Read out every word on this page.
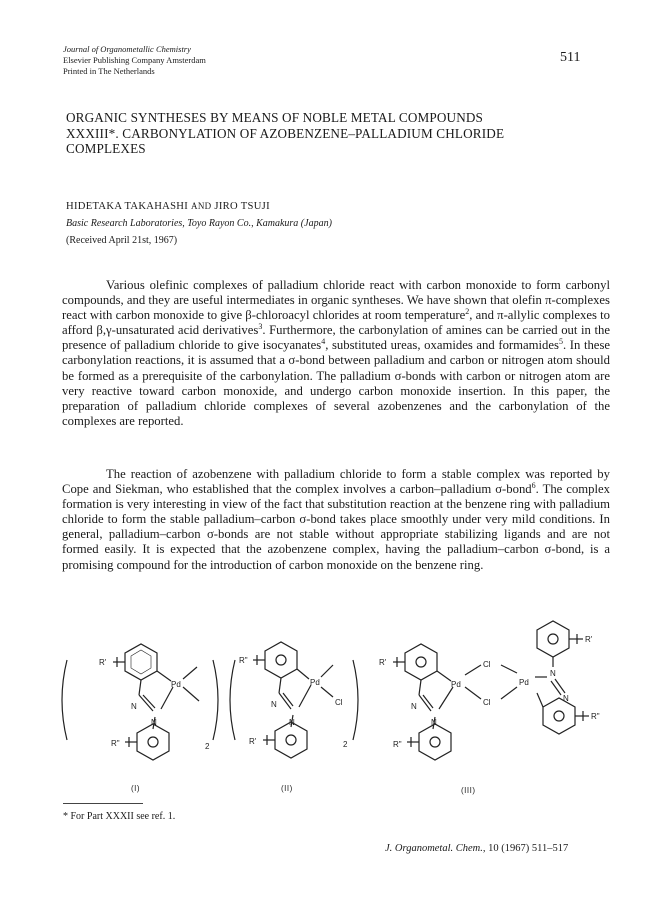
Journal of Organometallic Chemistry
Elsevier Publishing Company Amsterdam
Printed in The Netherlands
511
ORGANIC SYNTHESES BY MEANS OF NOBLE METAL COMPOUNDS
XXXIII*. CARBONYLATION OF AZOBENZENE–PALLADIUM CHLORIDE
COMPLEXES
HIDETAKA TAKAHASHI AND JIRO TSUJI
Basic Research Laboratories, Toyo Rayon Co., Kamakura (Japan)
(Received April 21st, 1967)

Various olefinic complexes of palladium chloride react with carbon monoxide to form carbonyl compounds, and they are useful intermediates in organic syntheses. We have shown that olefin π-complexes react with carbon monoxide to give β-chloroacyl chlorides at room temperature$^2$, and π-allylic complexes to afford β,γ-unsaturated acid derivatives$^3$. Furthermore, the carbonylation of amines can be carried out in the presence of palladium chloride to give isocyanates$^4$, substituted ureas, oxamides and formamides$^5$. In these carbonylation reactions, it is assumed that a σ-bond between palladium and carbon or nitrogen atom should be formed as a prerequisite of the carbonylation. The palladium σ-bonds with carbon or nitrogen atom are very reactive toward carbon monoxide, and undergo carbon monoxide insertion. In this paper, the preparation of palladium chloride complexes of several azobenzenes and the carbonylation of the complexes are reported.

The reaction of azobenzene with palladium chloride to form a stable complex was reported by Cope and Siekman, who established that the complex involves a carbon–palladium σ-bond$^6$. The complex formation is very interesting in view of the fact that substitution reaction at the benzene ring with palladium chloride to form the stable palladium–carbon σ-bond takes place smoothly under very mild conditions. In general, palladium–carbon σ-bonds are not stable without appropriate stabilizing ligands and are not formed easily. It is expected that the azobenzene complex, having the palladium–carbon σ-bond, is a promising compound for the introduction of carbon monoxide on the benzene ring.

R'
Pd
N
N
2
R"
R"
Pd
Cl
N
N
2
R'
R'
Pd
Cl
Cl
Pd
N
N
R"
R'
N
N
R"
(I)	(II)	(III)
* For Part XXXII see ref. 1.
J. Organometal. Chem., 10 (1967) 511–517
